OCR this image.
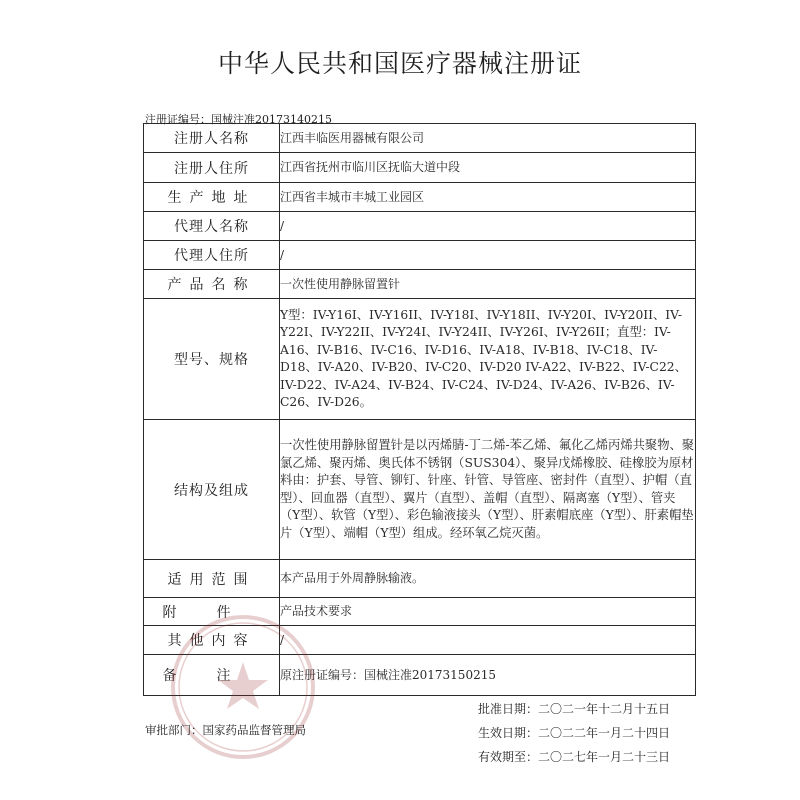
中华人民共和国医疗器械注册证
注册证编号：国械注准20173140215
注册人名称	江西丰临医用器械有限公司
注册人住所	江西省抚州市临川区抚临大道中段
生产地址	江西省丰城市丰城工业园区
代理人名称	/
代理人住所	/
产品名称	一次性使用静脉留置针
型号、规格	Y型：IV-Y16I、IV-Y16II、IV-Y18I、IV-Y18II、IV-Y20I、IV-Y20II、IV-Y22I、IV-Y22II、IV-Y24I、IV-Y24II、IV-Y26I、IV-Y26II；直型：IV-A16、IV-B16、IV-C16、IV-D16、IV-A18、IV-B18、IV-C18、IV-D18、IV-A20、IV-B20、IV-C20、IV-D20 IV-A22、IV-B22、IV-C22、IV-D22、IV-A24、IV-B24、IV-C24、IV-D24、IV-A26、IV-B26、IV-C26、IV-D26。
结构及组成	一次性使用静脉留置针是以丙烯腈-丁二烯-苯乙烯、氟化乙烯丙烯共聚物、聚氯乙烯、聚丙烯、奥氏体不锈钢（SUS304）、聚异戊烯橡胶、硅橡胶为原材料由：护套、导管、铆钉、针座、针管、导管座、密封件（直型）、护帽（直型）、回血器（直型）、翼片（直型）、盖帽（直型）、隔离塞（Y型）、管夹（Y型）、软管（Y型）、彩色输液接头（Y型）、肝素帽底座（Y型）、肝素帽垫片（Y型）、端帽（Y型）组成。经环氧乙烷灭菌。
适用范围	本产品用于外周静脉输液。
附件	产品技术要求
其他内容	/
备注	原注册证编号：国械注准20173150215
批准日期：二〇二一年十二月十五日
生效日期：二〇二二年一月二十四日
有效期至：二〇二七年一月二十三日
审批部门：国家药品监督管理局
